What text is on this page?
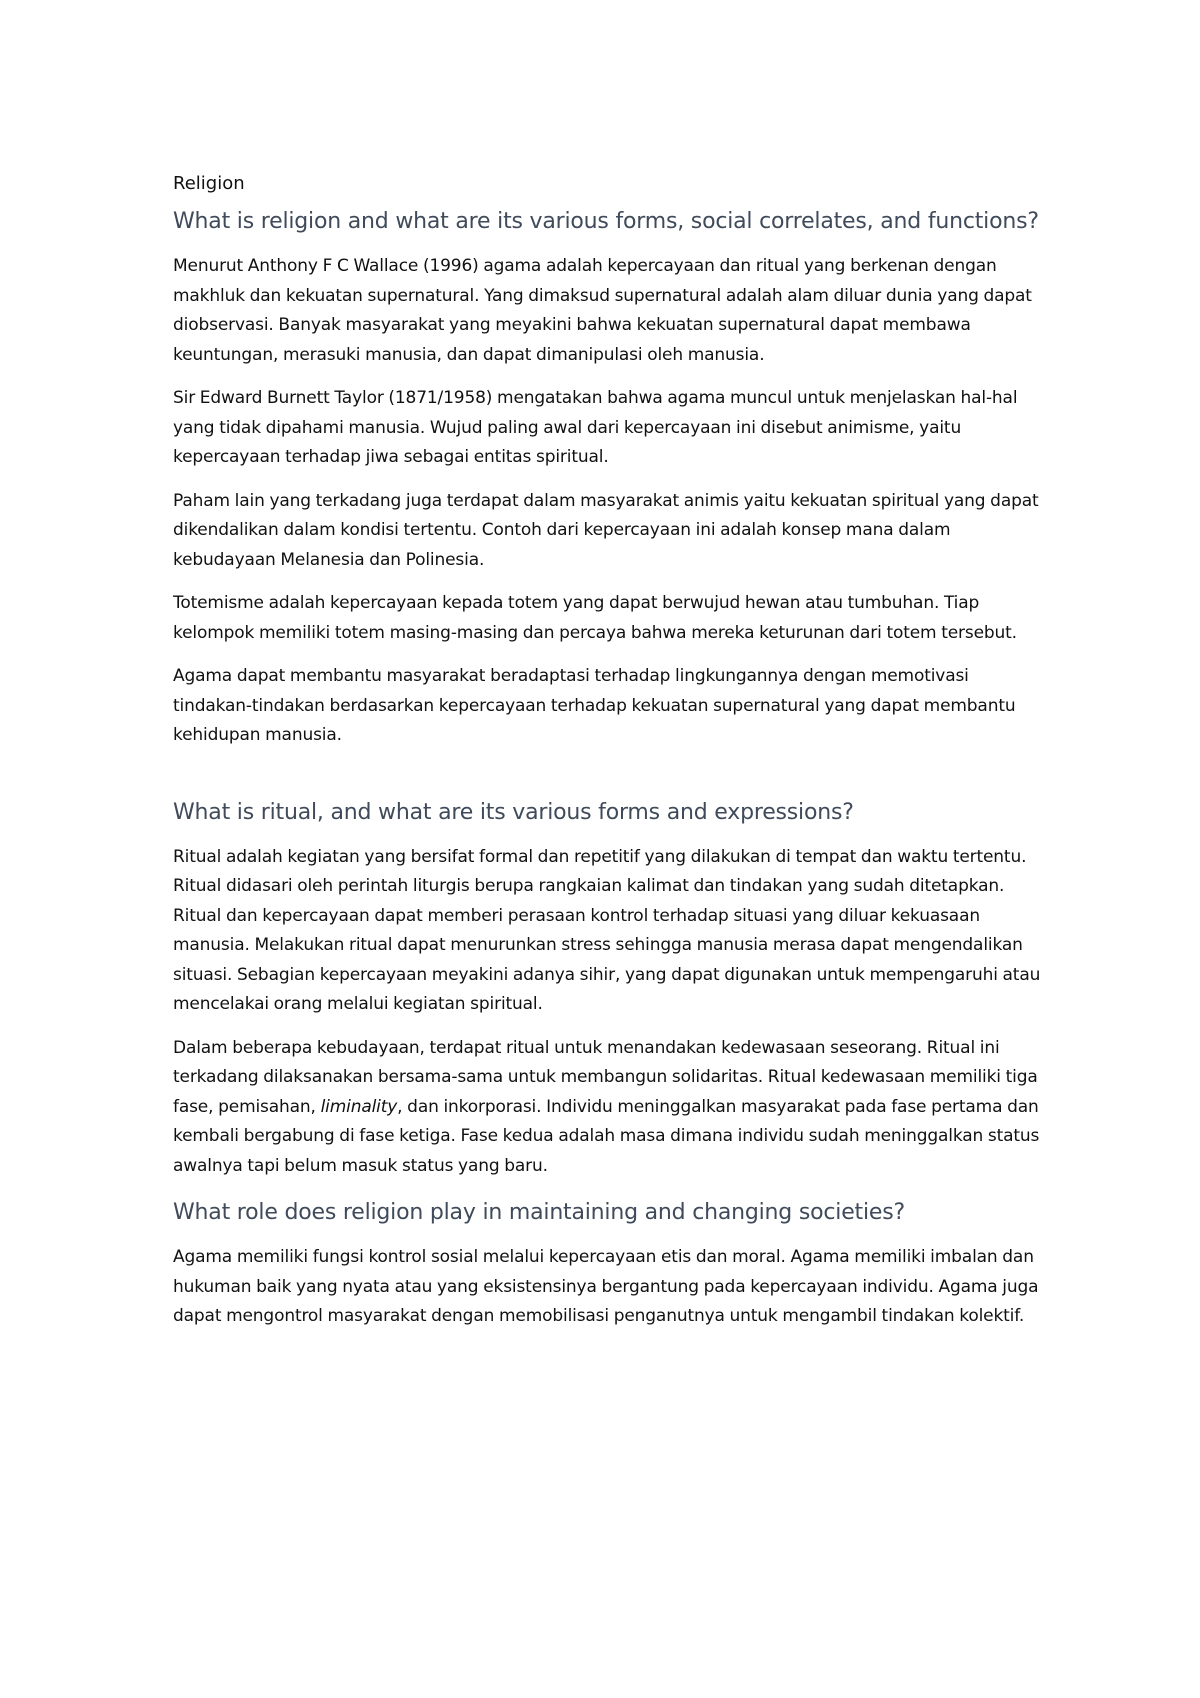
Religion
What is religion and what are its various forms, social correlates, and functions?

Menurut Anthony F C Wallace (1996) agama adalah kepercayaan dan ritual yang berkenan dengan makhluk dan kekuatan supernatural. Yang dimaksud supernatural adalah alam diluar dunia yang dapat diobservasi. Banyak masyarakat yang meyakini bahwa kekuatan supernatural dapat membawa keuntungan, merasuki manusia, dan dapat dimanipulasi oleh manusia.

Sir Edward Burnett Taylor (1871/1958) mengatakan bahwa agama muncul untuk menjelaskan hal-hal yang tidak dipahami manusia. Wujud paling awal dari kepercayaan ini disebut animisme, yaitu kepercayaan terhadap jiwa sebagai entitas spiritual.

Paham lain yang terkadang juga terdapat dalam masyarakat animis yaitu kekuatan spiritual yang dapat dikendalikan dalam kondisi tertentu. Contoh dari kepercayaan ini adalah konsep mana dalam kebudayaan Melanesia dan Polinesia.

Totemisme adalah kepercayaan kepada totem yang dapat berwujud hewan atau tumbuhan. Tiap kelompok memiliki totem masing-masing dan percaya bahwa mereka keturunan dari totem tersebut.

Agama dapat membantu masyarakat beradaptasi terhadap lingkungannya dengan memotivasi tindakan-tindakan berdasarkan kepercayaan terhadap kekuatan supernatural yang dapat membantu kehidupan manusia.

What is ritual, and what are its various forms and expressions?

Ritual adalah kegiatan yang bersifat formal dan repetitif yang dilakukan di tempat dan waktu tertentu. Ritual didasari oleh perintah liturgis berupa rangkaian kalimat dan tindakan yang sudah ditetapkan. Ritual dan kepercayaan dapat memberi perasaan kontrol terhadap situasi yang diluar kekuasaan manusia. Melakukan ritual dapat menurunkan stress sehingga manusia merasa dapat mengendalikan situasi. Sebagian kepercayaan meyakini adanya sihir, yang dapat digunakan untuk mempengaruhi atau mencelakai orang melalui kegiatan spiritual.

Dalam beberapa kebudayaan, terdapat ritual untuk menandakan kedewasaan seseorang. Ritual ini terkadang dilaksanakan bersama-sama untuk membangun solidaritas. Ritual kedewasaan memiliki tiga fase, pemisahan, liminality, dan inkorporasi. Individu meninggalkan masyarakat pada fase pertama dan kembali bergabung di fase ketiga. Fase kedua adalah masa dimana individu sudah meninggalkan status awalnya tapi belum masuk status yang baru.

What role does religion play in maintaining and changing societies?

Agama memiliki fungsi kontrol sosial melalui kepercayaan etis dan moral. Agama memiliki imbalan dan hukuman baik yang nyata atau yang eksistensinya bergantung pada kepercayaan individu. Agama juga dapat mengontrol masyarakat dengan memobilisasi penganutnya untuk mengambil tindakan kolektif.
